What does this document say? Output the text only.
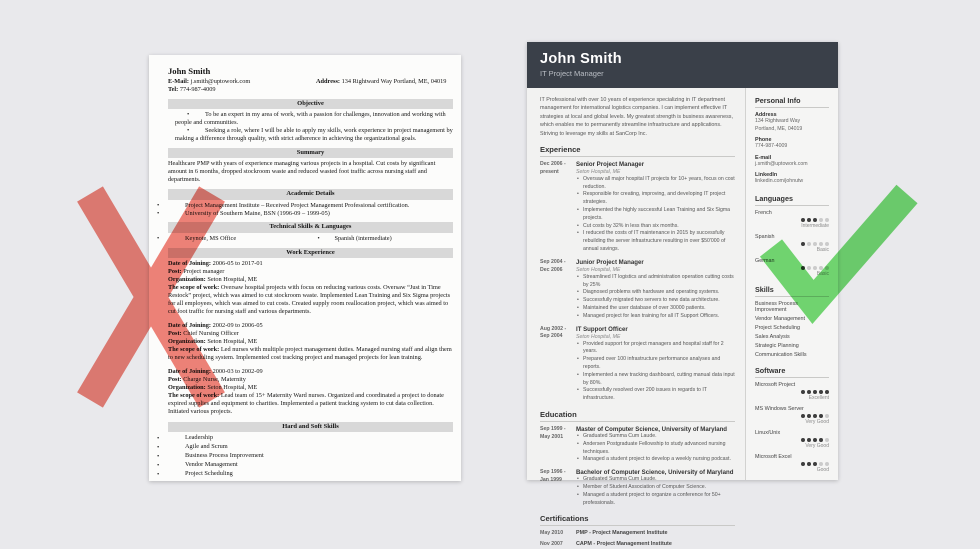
John Smith
E-Mail: j.smith@uptowork.com
Tel: 774-987-4009
Address: 134 Rightward Way Portland, ME, 04019
Objective
• To be an expert in my area of work, with a passion for challenges, innovation and working with people and communities.
• Seeking a role, where I will be able to apply my skills, work experience in project management by making a difference through quality, with strict adherence in achieving the organizational goals.
Summary
Healthcare PMP with years of experience managing various projects in a hospital. Cut costs by significant amount in 6 months, dropped stockroom waste and reduced wasted foot traffic across nursing staff and departments.
Academic Details
• Project Management Institute – Received Project Management Professional certification.
• University of Southern Maine, BSN (1996-09 – 1999-05)
Technical Skills & Languages
• Keynote, MS Office	• Spanish (intermediate)
Work Experience
Date of Joining: 2006-05 to 2017-01
Post: Project manager
Organization: Seton Hospital, ME
The scope of work: Oversaw hospital projects with focus on reducing various costs. Oversaw “Just in Time Restock” project, which was aimed to cut stockroom waste. Implemented Lean Training and Six Sigma projects for all employees, which was aimed to cut costs. Created supply room reallocation project, which was aimed to cut foot traffic for nursing staff and various departments.
Date of Joining: 2002-09 to 2006-05
Post: Chief Nursing Officer
Organization: Seton Hospital, ME
The scope of work: Led nurses with multiple project management duties. Managed nursing staff and align them to new scheduling system. Implemented cost tracking project and managed projects for lean training.
Date of Joining: 2000-03 to 2002-09
Post: Charge Nurse, Maternity
Organization: Seton Hospital, ME
The scope of work: Lead team of 15+ Maternity Ward nurses. Organized and coordinated a project to donate expired supplies and equipment to charities. Implemented a patient tracking system to cut data collection. Initiated various projects.
Hard and Soft Skills
• Leadership
• Agile and Scrum
• Business Process Improvement
• Vendor Management
• Project Scheduling
John Smith
IT Project Manager
IT Professional with over 10 years of experience specializing in IT department management for international logistics companies. I can implement effective IT strategies at local and global levels. My greatest strength is business awareness, which enables me to permanently streamline infrastructure and applications. Striving to leverage my skills at SanCorp Inc.
Experience
Dec 2006 - present
Senior Project Manager
Seton Hospital, ME
• Oversaw all major hospital IT projects for 10+ years, focus on cost reduction.
• Responsible for creating, improving, and developing IT project strategies.
• Implemented the highly successful Lean Training and Six Sigma projects.
• Cut costs by 32% in less than six months.
• I reduced the costs of IT maintenance in 2015 by successfully rebuilding the server infrastructure resulting in over $50'000 of annual savings.
Sep 2004 - Dec 2006
Junior Project Manager
Seton Hospital, ME
• Streamlined IT logistics and administration operation cutting costs by 25%
• Diagnosed problems with hardware and operating systems.
• Successfully migrated two servers to new data architecture.
• Maintained the user database of over 30000 patients.
• Managed project for lean training for all IT Support Officers.
Aug 2002 - Sep 2004
IT Support Officer
Seton Hospital, ME
• Provided support for project managers and hospital staff for 2 years.
• Prepared over 100 infrastructure performance analyses and reports.
• Implemented a new tracking dashboard, cutting manual data input by 80%.
• Successfully resolved over 200 issues in regards to IT infrastructure.
Education
Sep 1999 - May 2001
Master of Computer Science, University of Maryland
• Graduated Summa Cum Laude.
• Andersen Postgraduate Fellowship to study advanced nursing techniques.
• Managed a student project to develop a weekly nursing podcast.
Sep 1996 - Jan 1999
Bachelor of Computer Science, University of Maryland
• Graduated Summa Cum Laude.
• Member of Student Association of Computer Science.
• Managed a student project to organize a conference for 50+ professionals.
Certifications
May 2010	PMP - Project Management Institute
Nov 2007	CAPM - Project Management Institute
Personal Info
Address
134 Rightward Way
Portland, ME, 04019
Phone
774-987-4009
E-mail
j.smith@uptowork.com
LinkedIn
linkedin.com/johnutw
Languages
French
Intermediate
Spanish
Basic
German
Basic
Skills
Business Process Improvement
Vendor Management
Project Scheduling
Sales Analysis
Strategic Planning
Communication Skills
Software
Microsoft Project
Excellent
MS Windows Server
Very Good
Linux/Unix
Very Good
Microsoft Excel
Good
